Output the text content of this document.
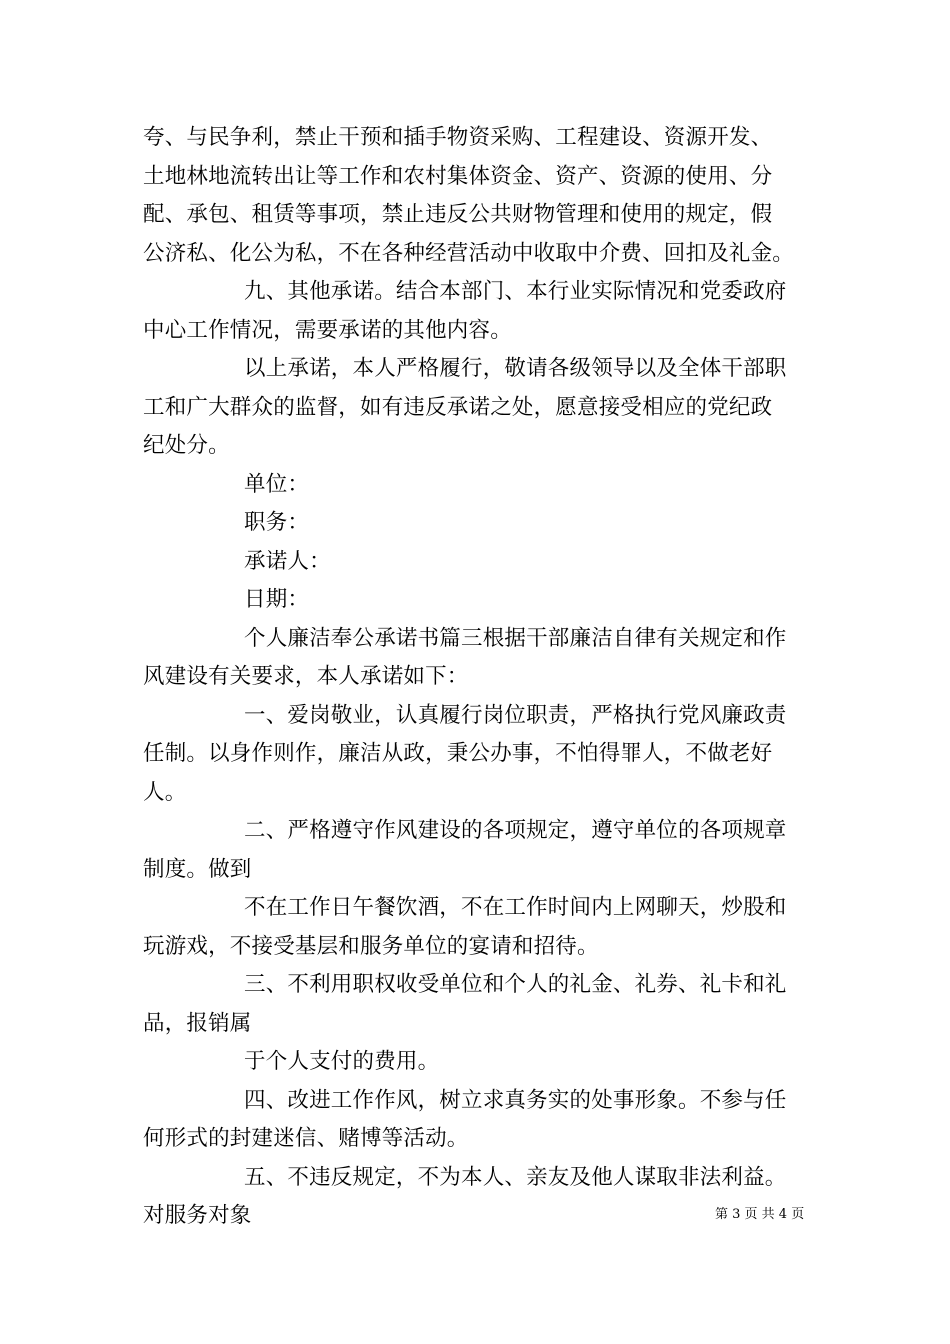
夸、与民争利，禁止干预和插手物资采购、工程建设、资源开发、
土地林地流转出让等工作和农村集体资金、资产、资源的使用、分
配、承包、租赁等事项，禁止违反公共财物管理和使用的规定，假
公济私、化公为私，不在各种经营活动中收取中介费、回扣及礼金。
九、其他承诺。结合本部门、本行业实际情况和党委政府
中心工作情况，需要承诺的其他内容。
以上承诺，本人严格履行，敬请各级领导以及全体干部职
工和广大群众的监督，如有违反承诺之处，愿意接受相应的党纪政
纪处分。
单位：
职务：
承诺人：
日期：
个人廉洁奉公承诺书篇三根据干部廉洁自律有关规定和作
风建设有关要求，本人承诺如下：
一、爱岗敬业，认真履行岗位职责，严格执行党风廉政责
任制。以身作则作，廉洁从政，秉公办事，不怕得罪人，不做老好
人。
二、严格遵守作风建设的各项规定，遵守单位的各项规章
制度。做到
不在工作日午餐饮酒，不在工作时间内上网聊天，炒股和
玩游戏，不接受基层和服务单位的宴请和招待。
三、不利用职权收受单位和个人的礼金、礼券、礼卡和礼
品，报销属
于个人支付的费用。
四、改进工作作风，树立求真务实的处事形象。不参与任
何形式的封建迷信、赌博等活动。
五、不违反规定，不为本人、亲友及他人谋取非法利益。
对服务对象	第 3 页 共 4 页
